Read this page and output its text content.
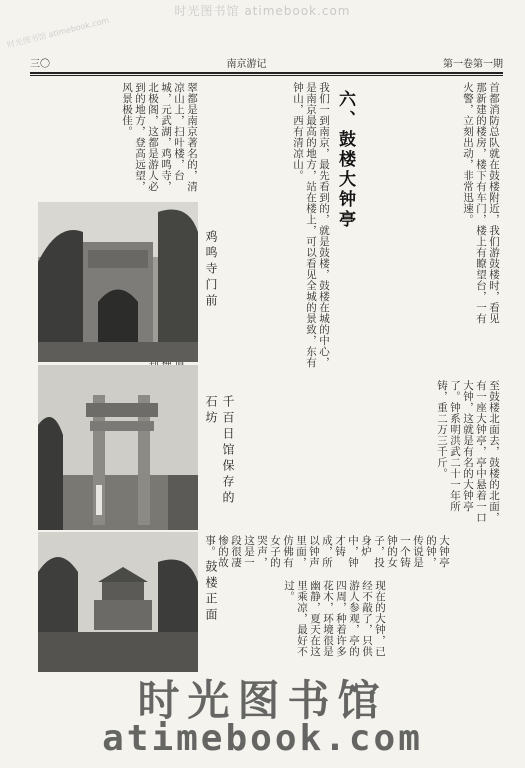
时光图书馆 atimebook.com
时光图书馆 atimebook.com
三〇	南京游记	第一卷第一期
翠都是南京著名的，清凉山上，扫叶楼，台城，元武湖，鸡鸣寺，北极阁，这都是游人必到的地方，登高远望，风景极佳。	我们一到南京，最先看到的，就是鼓楼，鼓楼在城的中心，是南京最高的地方，站在楼上，可以看见全城的景致，东有钟山，西有清凉山。	六、鼓楼大钟亭	首都消防总队就在鼓楼附近，我们游鼓楼时，看见那新建的楼房，楼下有车门，楼上有瞭望台，一有火警，立刻出动，非常迅速。
至鼓楼北面去，鼓楼的北面，有一座大钟亭，亭中悬着一口大钟，这就是有名的大钟亭了。钟系明洪武二十一年所铸，重二万三千斤。
大钟亭的钟，传说是一个铸钟的女子，投身炉中，钟才铸成，所以钟声里面，仿佛有女子的哭声，这是一段很凄惨的故事。
现在的大钟，已经不敲了，只供游人参观，亭的四周，种着许多花木，环境很是幽静，夏天在这里乘凉，最好不过。
鸡鸣寺门前
千百日馆保存的石坊
鼓楼正面
时光图书馆
atimebook.com
